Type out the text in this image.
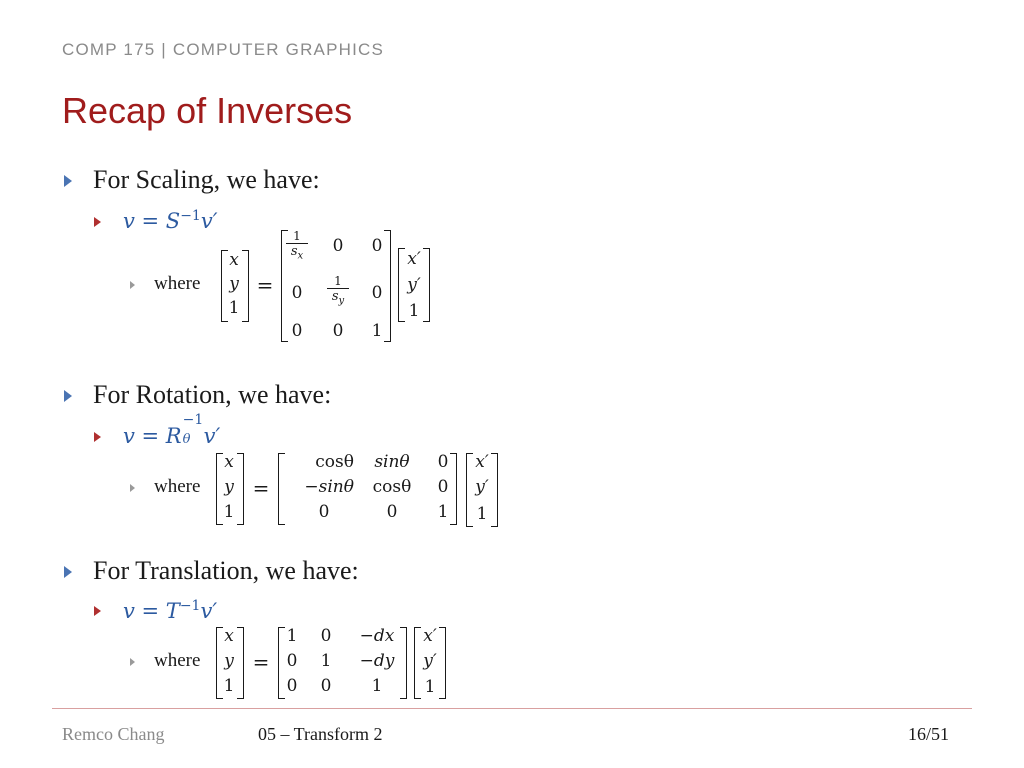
COMP 175 | COMPUTER GRAPHICS
Recap of Inverses
For Scaling, we have:
$v = S^{-1}v'$
where
x
y
1
=
$\frac{1}{s_x}$	0	0
0	$\frac{1}{s_y}$	0
0	0	1
x′
y′
1
For Rotation, we have:
v = R
−1
θ v′
where
x
y
1
=
cosθ	sinθ	0
−sinθ	cosθ	0
0	0	1
x′
y′
1
For Translation, we have:
$v = T^{-1}v'$
where
x
y
1
=
1 0	−dx
0 1	−dy
0 0	1
x′
y′
1
Remco Chang	05 – Transform 2	16/51
